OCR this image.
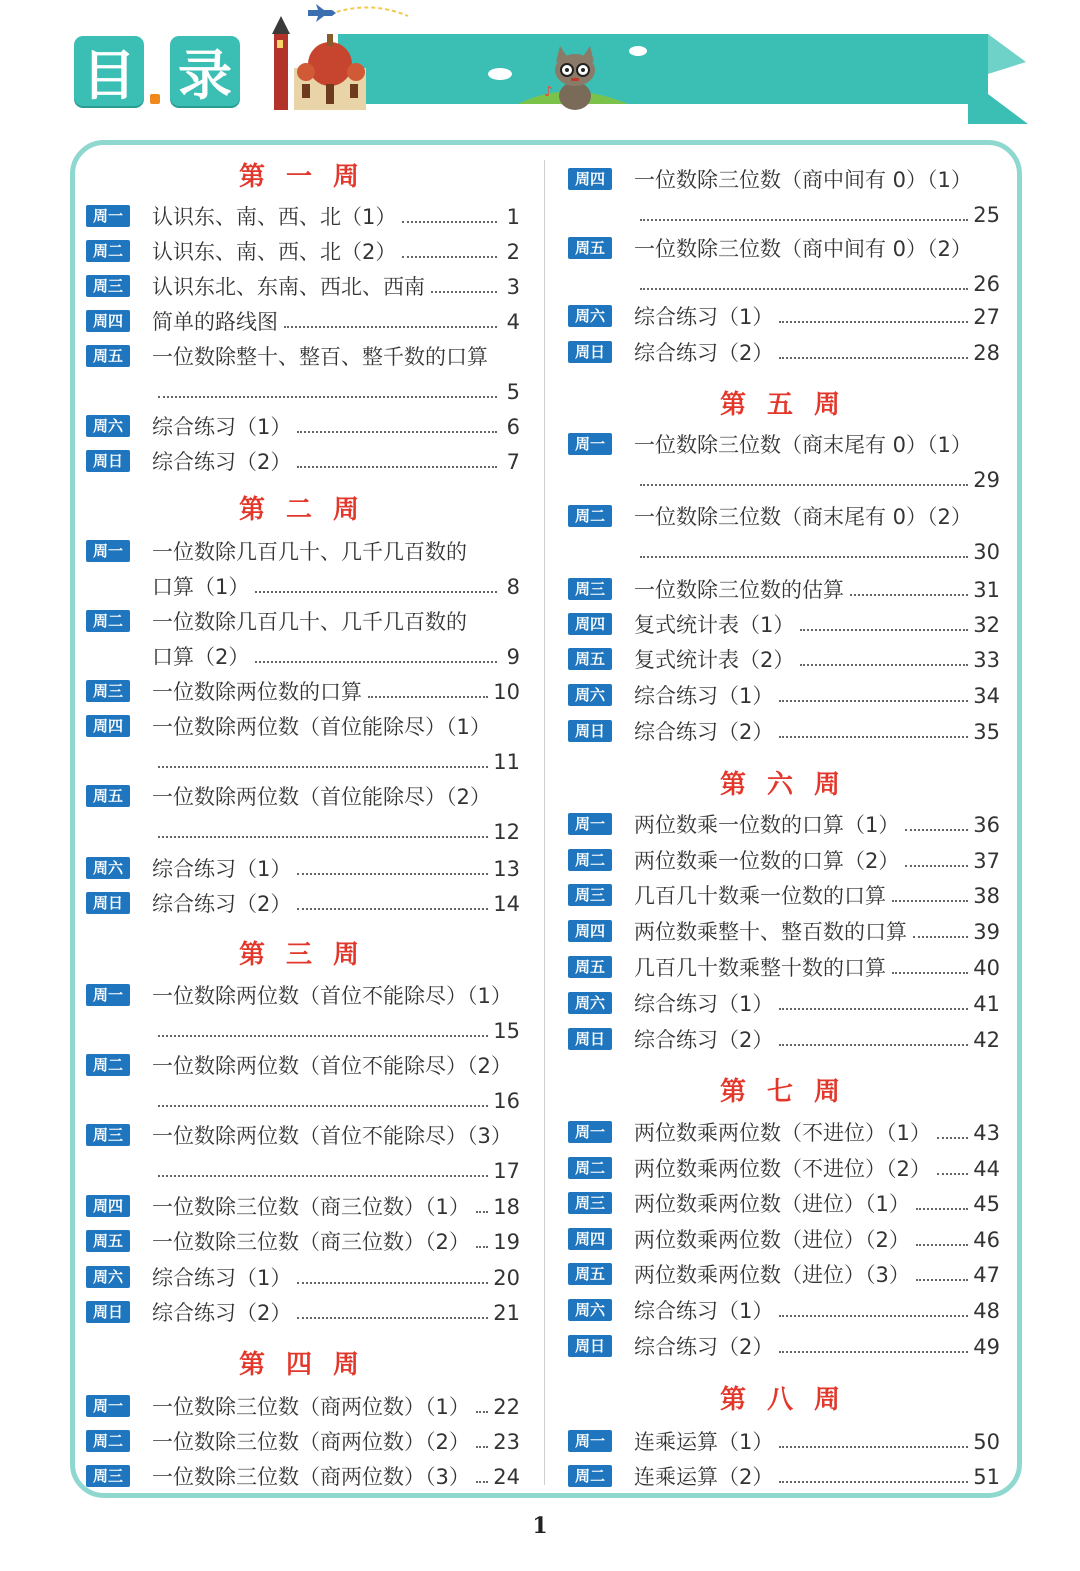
目 录	♪
第 一 周
周一	认识东、南、西、北（1）	1
周二	认识东、南、西、北（2）	2
周三	认识东北、东南、西北、西南	3
周四	简单的路线图	4
周五	一位数除整十、整百、整千数的口算
5
周六	综合练习（1）	6
周日	综合练习（2）	7
第 二 周
周一	一位数除几百几十、几千几百数的
口算（1）	8
周二	一位数除几百几十、几千几百数的
口算（2）	9
周三	一位数除两位数的口算	10
周四	一位数除两位数（首位能除尽）（1）
11
周五	一位数除两位数（首位能除尽）（2）
12
周六	综合练习（1）	13
周日	综合练习（2）	14
第 三 周
周一	一位数除两位数（首位不能除尽）（1）
15
周二	一位数除两位数（首位不能除尽）（2）
16
周三	一位数除两位数（首位不能除尽）（3）
17
周四	一位数除三位数（商三位数）（1） 18
周五	一位数除三位数（商三位数）（2） 19
周六	综合练习（1）	20
周日	综合练习（2）	21
第 四 周
周一	一位数除三位数（商两位数）（1） 22
周二	一位数除三位数（商两位数）（2） 23
周三	一位数除三位数（商两位数）（3） 24
周四	一位数除三位数（商中间有 0）（1）
25
周五	一位数除三位数（商中间有 0）（2）
26
周六	综合练习（1）	27
周日	综合练习（2）	28
第 五 周
周一	一位数除三位数（商末尾有 0）（1）
29
周二	一位数除三位数（商末尾有 0）（2）
30
周三	一位数除三位数的估算	31
周四	复式统计表（1）	32
周五	复式统计表（2）	33
周六	综合练习（1）	34
周日	综合练习（2）	35
第 六 周
周一	两位数乘一位数的口算（1）	36
周二	两位数乘一位数的口算（2）	37
周三	几百几十数乘一位数的口算	38
周四	两位数乘整十、整百数的口算	39
周五	几百几十数乘整十数的口算	40
周六	综合练习（1）	41
周日	综合练习（2）	42
第 七 周
周一	两位数乘两位数（不进位）（1） 43
周二	两位数乘两位数（不进位）（2） 44
周三	两位数乘两位数（进位）（1）	45
周四	两位数乘两位数（进位）（2）	46
周五	两位数乘两位数（进位）（3）	47
周六	综合练习（1）	48
周日	综合练习（2）	49
第 八 周
周一	连乘运算（1）	50
周二	连乘运算（2）	51
1
